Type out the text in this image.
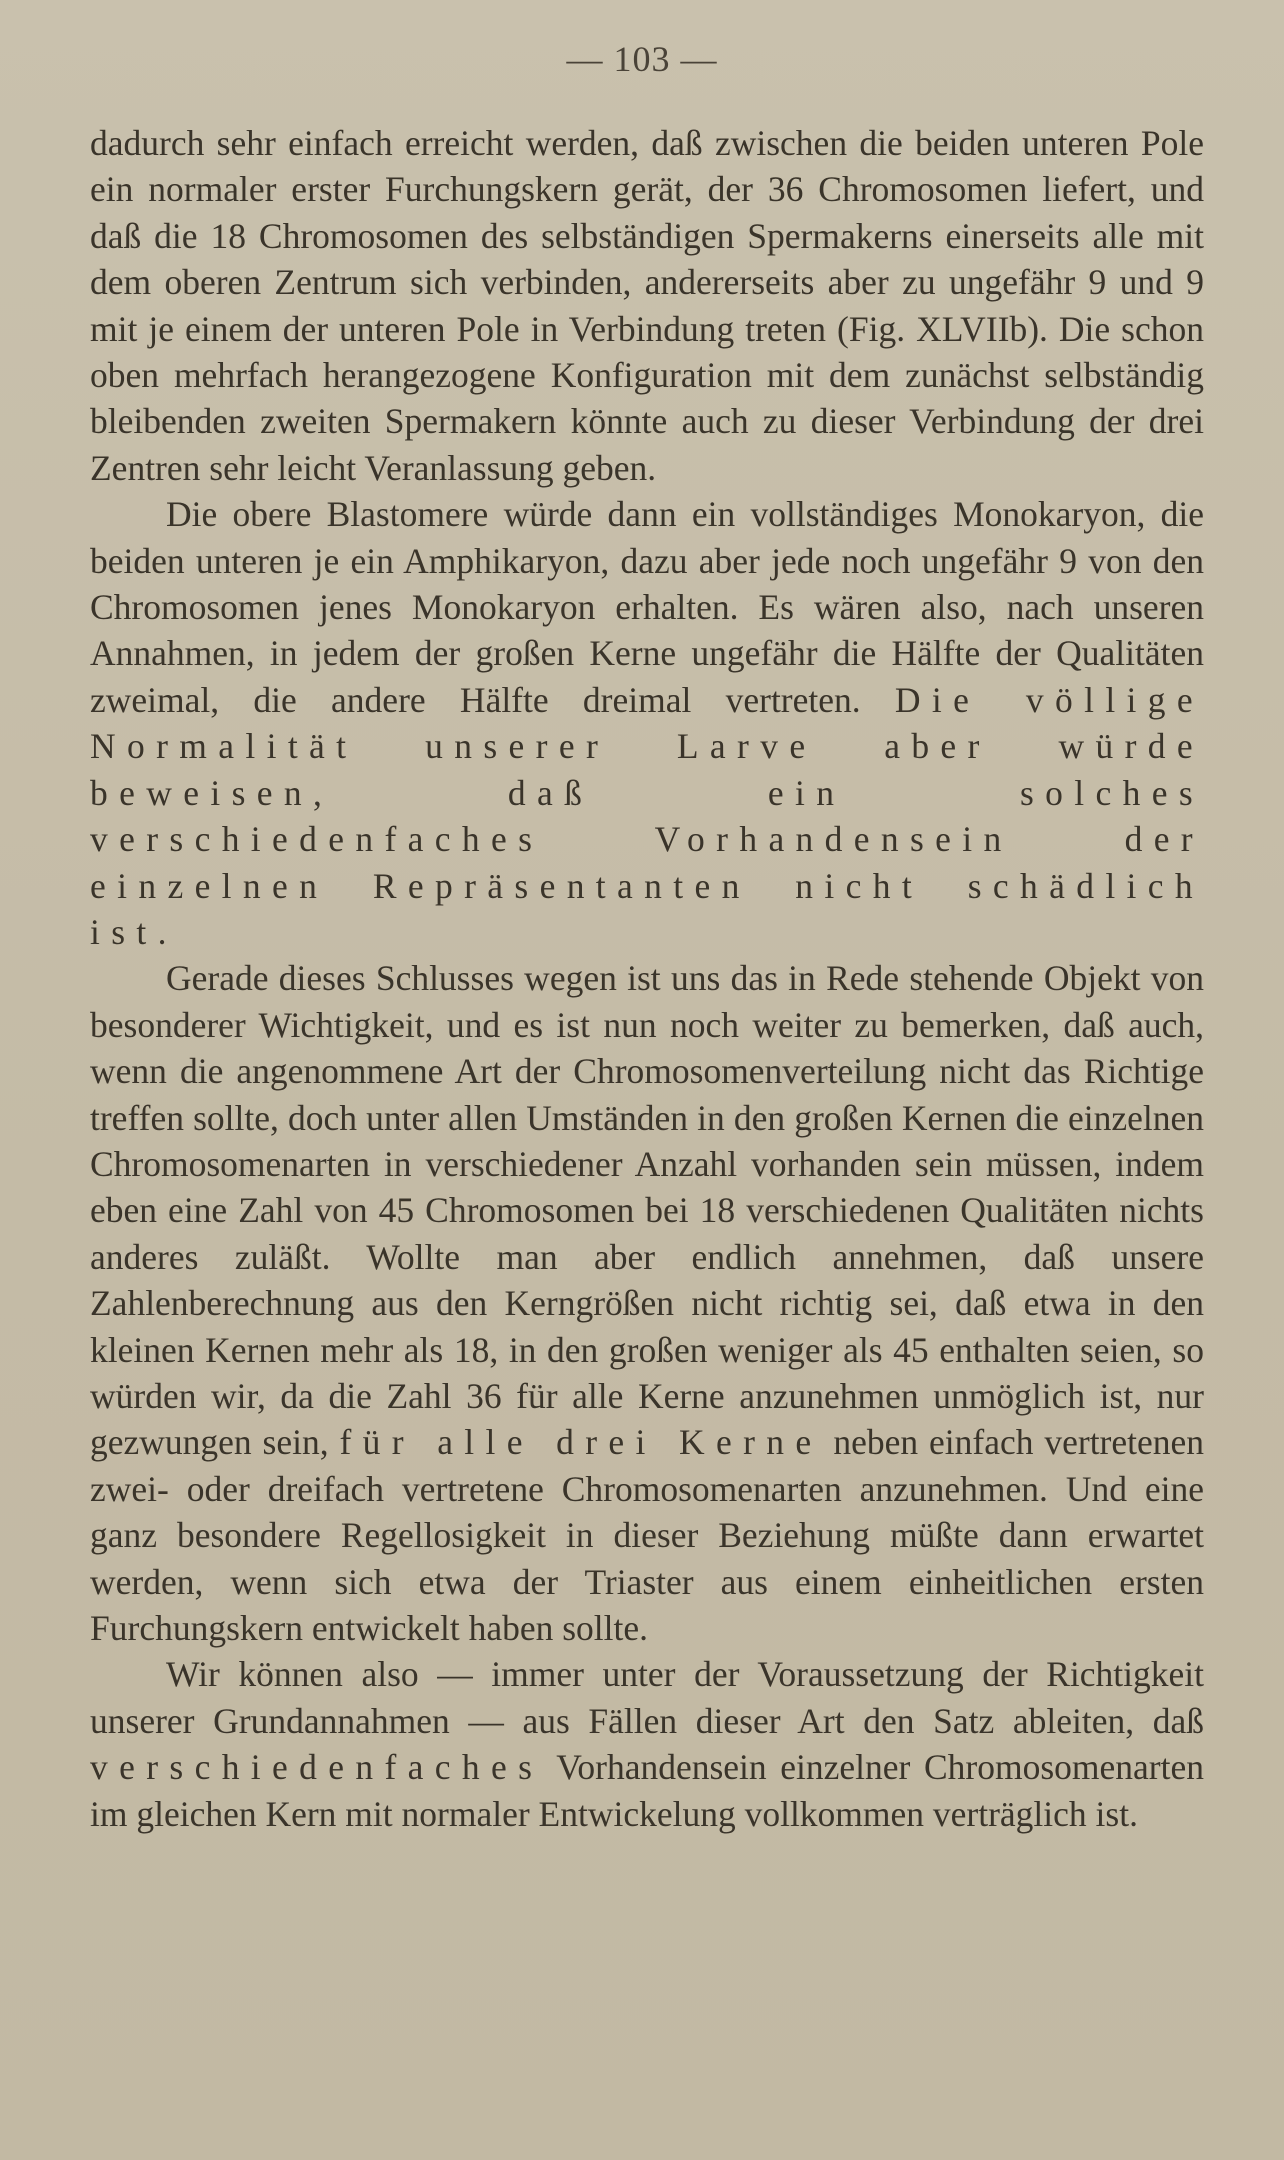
— 103 —

dadurch sehr einfach erreicht werden, daß zwischen die beiden unteren Pole ein normaler erster Furchungskern gerät, der 36 Chromosomen liefert, und daß die 18 Chromosomen des selbständigen Spermakerns einerseits alle mit dem oberen Zentrum sich verbinden, andererseits aber zu ungefähr 9 und 9 mit je einem der unteren Pole in Verbindung treten (Fig. XLVIIb). Die schon oben mehrfach herangezogene Konfiguration mit dem zunächst selbständig bleibenden zweiten Spermakern könnte auch zu dieser Verbindung der drei Zentren sehr leicht Veranlassung geben.

Die obere Blastomere würde dann ein vollständiges Monokaryon, die beiden unteren je ein Amphikaryon, dazu aber jede noch ungefähr 9 von den Chromosomen jenes Monokaryon erhalten. Es wären also, nach unseren Annahmen, in jedem der großen Kerne ungefähr die Hälfte der Qualitäten zweimal, die andere Hälfte dreimal vertreten. Die völlige Normalität unserer Larve aber würde beweisen, daß ein solches verschiedenfaches Vorhandensein der einzelnen Repräsentanten nicht schädlich ist.

Gerade dieses Schlusses wegen ist uns das in Rede stehende Objekt von besonderer Wichtigkeit, und es ist nun noch weiter zu bemerken, daß auch, wenn die angenommene Art der Chromosomenverteilung nicht das Richtige treffen sollte, doch unter allen Umständen in den großen Kernen die einzelnen Chromosomenarten in verschiedener Anzahl vorhanden sein müssen, indem eben eine Zahl von 45 Chromosomen bei 18 verschiedenen Qualitäten nichts anderes zuläßt. Wollte man aber endlich annehmen, daß unsere Zahlenberechnung aus den Kerngrößen nicht richtig sei, daß etwa in den kleinen Kernen mehr als 18, in den großen weniger als 45 enthalten seien, so würden wir, da die Zahl 36 für alle Kerne anzunehmen unmöglich ist, nur gezwungen sein, für alle drei Kerne neben einfach vertretenen zwei- oder dreifach vertretene Chromosomenarten anzunehmen. Und eine ganz besondere Regellosigkeit in dieser Beziehung müßte dann erwartet werden, wenn sich etwa der Triaster aus einem einheitlichen ersten Furchungskern entwickelt haben sollte.

Wir können also — immer unter der Voraussetzung der Richtigkeit unserer Grundannahmen — aus Fällen dieser Art den Satz ableiten, daß verschiedenfaches Vorhandensein einzelner Chromosomenarten im gleichen Kern mit normaler Entwickelung vollkommen verträglich ist.
